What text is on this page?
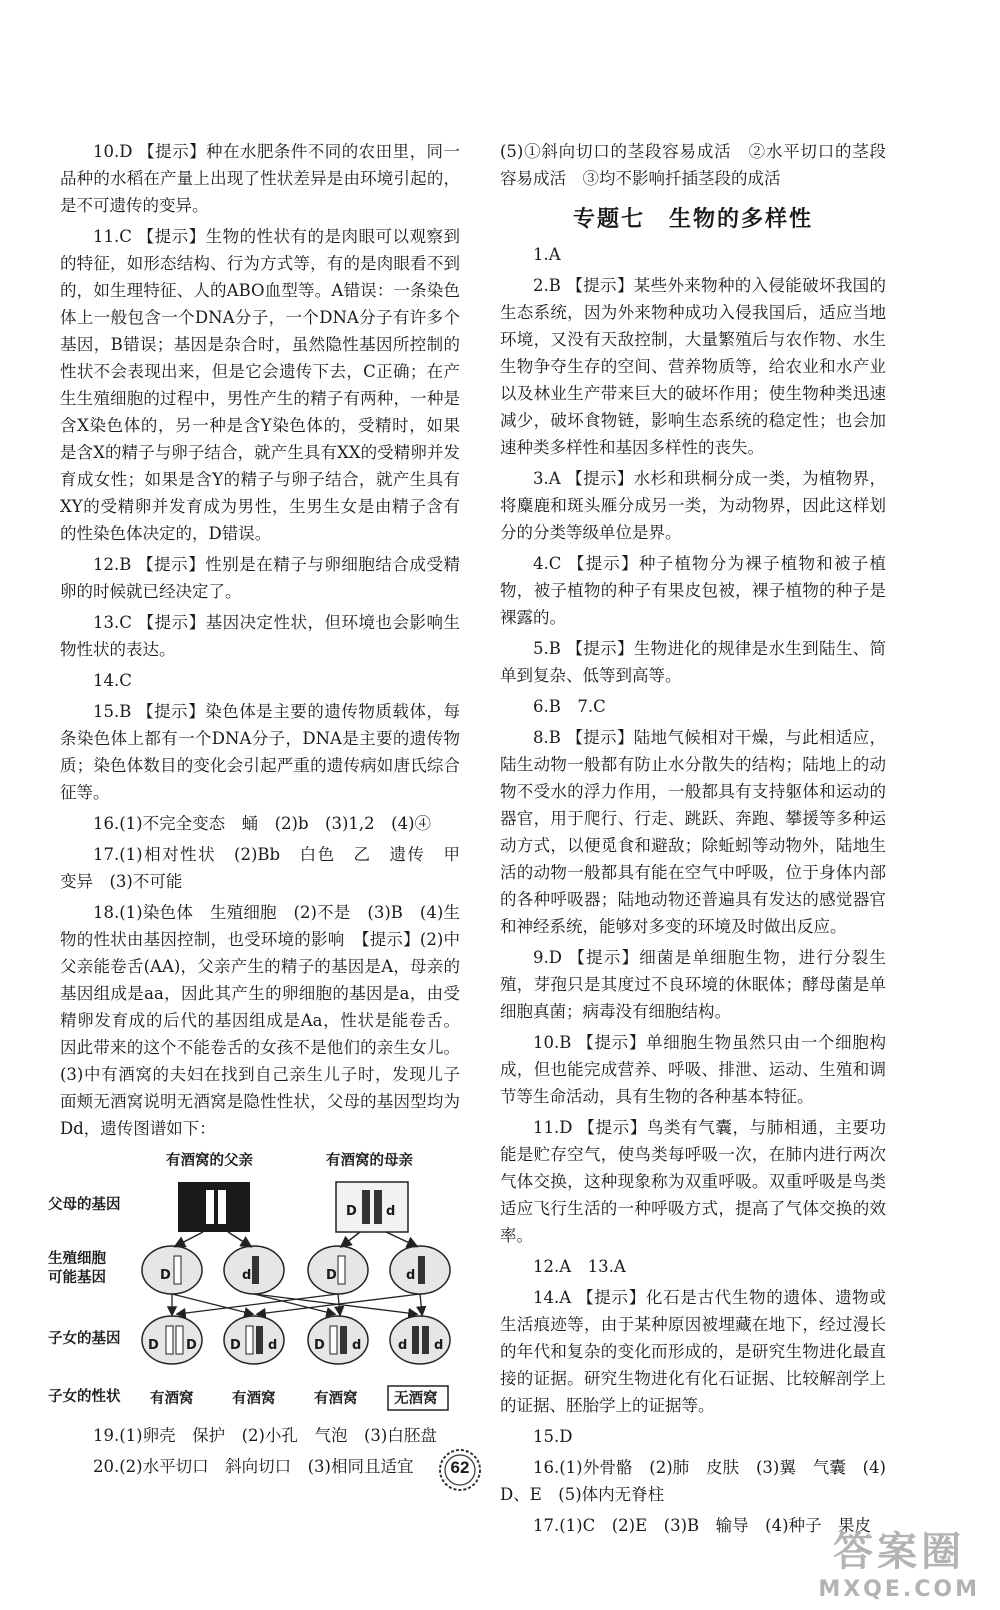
10.D 【提示】种在水肥条件不同的农田里，同一品种的水稻在产量上出现了性状差异是由环境引起的，是不可遗传的变异。

11.C 【提示】生物的性状有的是肉眼可以观察到的特征，如形态结构、行为方式等，有的是肉眼看不到的，如生理特征、人的ABO血型等。A错误：一条染色体上一般包含一个DNA分子，一个DNA分子有许多个基因，B错误；基因是杂合时，虽然隐性基因所控制的性状不会表现出来，但是它会遗传下去，C正确；在产生生殖细胞的过程中，男性产生的精子有两种，一种是含X染色体的，另一种是含Y染色体的，受精时，如果是含X的精子与卵子结合，就产生具有XX的受精卵并发育成女性；如果是含Y的精子与卵子结合，就产生具有XY的受精卵并发育成为男性，生男生女是由精子含有的性染色体决定的，D错误。

12.B 【提示】性别是在精子与卵细胞结合成受精卵的时候就已经决定了。

13.C 【提示】基因决定性状，但环境也会影响生物性状的表达。

14.C

15.B 【提示】染色体是主要的遗传物质载体，每条染色体上都有一个DNA分子，DNA是主要的遗传物质；染色体数目的变化会引起严重的遗传病如唐氏综合征等。

16.(1)不完全变态　蛹　(2)b　(3)1,2　(4)④

17.(1)相对性状　(2)Bb　白色　乙　遗传　甲　变异　(3)不可能

18.(1)染色体　生殖细胞　(2)不是　(3)B　(4)生物的性状由基因控制，也受环境的影响　【提示】(2)中父亲能卷舌(AA)，父亲产生的精子的基因是A，母亲的基因组成是aa，因此其产生的卵细胞的基因是a，由受精卵发育成的后代的基因组成是Aa，性状是能卷舌。因此带来的这个不能卷舌的女孩不是他们的亲生女儿。(3)中有酒窝的夫妇在找到自己亲生儿子时，发现儿子面颊无酒窝说明无酒窝是隐性性状，父母的基因型均为Dd，遗传图谱如下：

有酒窝的父亲	有酒窝的母亲
父母的基因
生殖细胞
可能基因
子女的基因
子女的性状
D d
D	d	D	d
D D	D d	D d	d d
有酒窝	有酒窝	有酒窝	无酒窝

19.(1)卵壳　保护　(2)小孔　气泡　(3)白胚盘

20.(2)水平切口　斜向切口　(3)相同且适宜

(5)①斜向切口的茎段容易成活　②水平切口的茎段容易成活　③均不影响扦插茎段的成活

专题七　生物的多样性

1.A

2.B 【提示】某些外来物种的入侵能破坏我国的生态系统，因为外来物种成功入侵我国后，适应当地环境，又没有天敌控制，大量繁殖后与农作物、水生生物争夺生存的空间、营养物质等，给农业和水产业以及林业生产带来巨大的破坏作用；使生物种类迅速减少，破坏食物链，影响生态系统的稳定性；也会加速种类多样性和基因多样性的丧失。

3.A 【提示】水杉和珙桐分成一类，为植物界，将麋鹿和斑头雁分成另一类，为动物界，因此这样划分的分类等级单位是界。

4.C 【提示】种子植物分为裸子植物和被子植物，被子植物的种子有果皮包被，裸子植物的种子是裸露的。

5.B 【提示】生物进化的规律是水生到陆生、简单到复杂、低等到高等。

6.B　7.C

8.B 【提示】陆地气候相对干燥，与此相适应，陆生动物一般都有防止水分散失的结构；陆地上的动物不受水的浮力作用，一般都具有支持躯体和运动的器官，用于爬行、行走、跳跃、奔跑、攀援等多种运动方式，以便觅食和避敌；除蚯蚓等动物外，陆地生活的动物一般都具有能在空气中呼吸，位于身体内部的各种呼吸器；陆地动物还普遍具有发达的感觉器官和神经系统，能够对多变的环境及时做出反应。

9.D 【提示】细菌是单细胞生物，进行分裂生殖，芽孢只是其度过不良环境的休眠体；酵母菌是单细胞真菌；病毒没有细胞结构。

10.B 【提示】单细胞生物虽然只由一个细胞构成，但也能完成营养、呼吸、排泄、运动、生殖和调节等生命活动，具有生物的各种基本特征。

11.D 【提示】鸟类有气囊，与肺相通，主要功能是贮存空气，使鸟类每呼吸一次，在肺内进行两次气体交换，这种现象称为双重呼吸。双重呼吸是鸟类适应飞行生活的一种呼吸方式，提高了气体交换的效率。

12.A　13.A

14.A 【提示】化石是古代生物的遗体、遗物或生活痕迹等，由于某种原因被埋藏在地下，经过漫长的年代和复杂的变化而形成的，是研究生物进化最直接的证据。研究生物进化有化石证据、比较解剖学上的证据、胚胎学上的证据等。

15.D

16.(1)外骨骼　(2)肺　皮肤　(3)翼　气囊　(4)D、E　(5)体内无脊柱

17.(1)C　(2)E　(3)B　输导　(4)种子　果皮

62
答案圈
MXQE.COM
